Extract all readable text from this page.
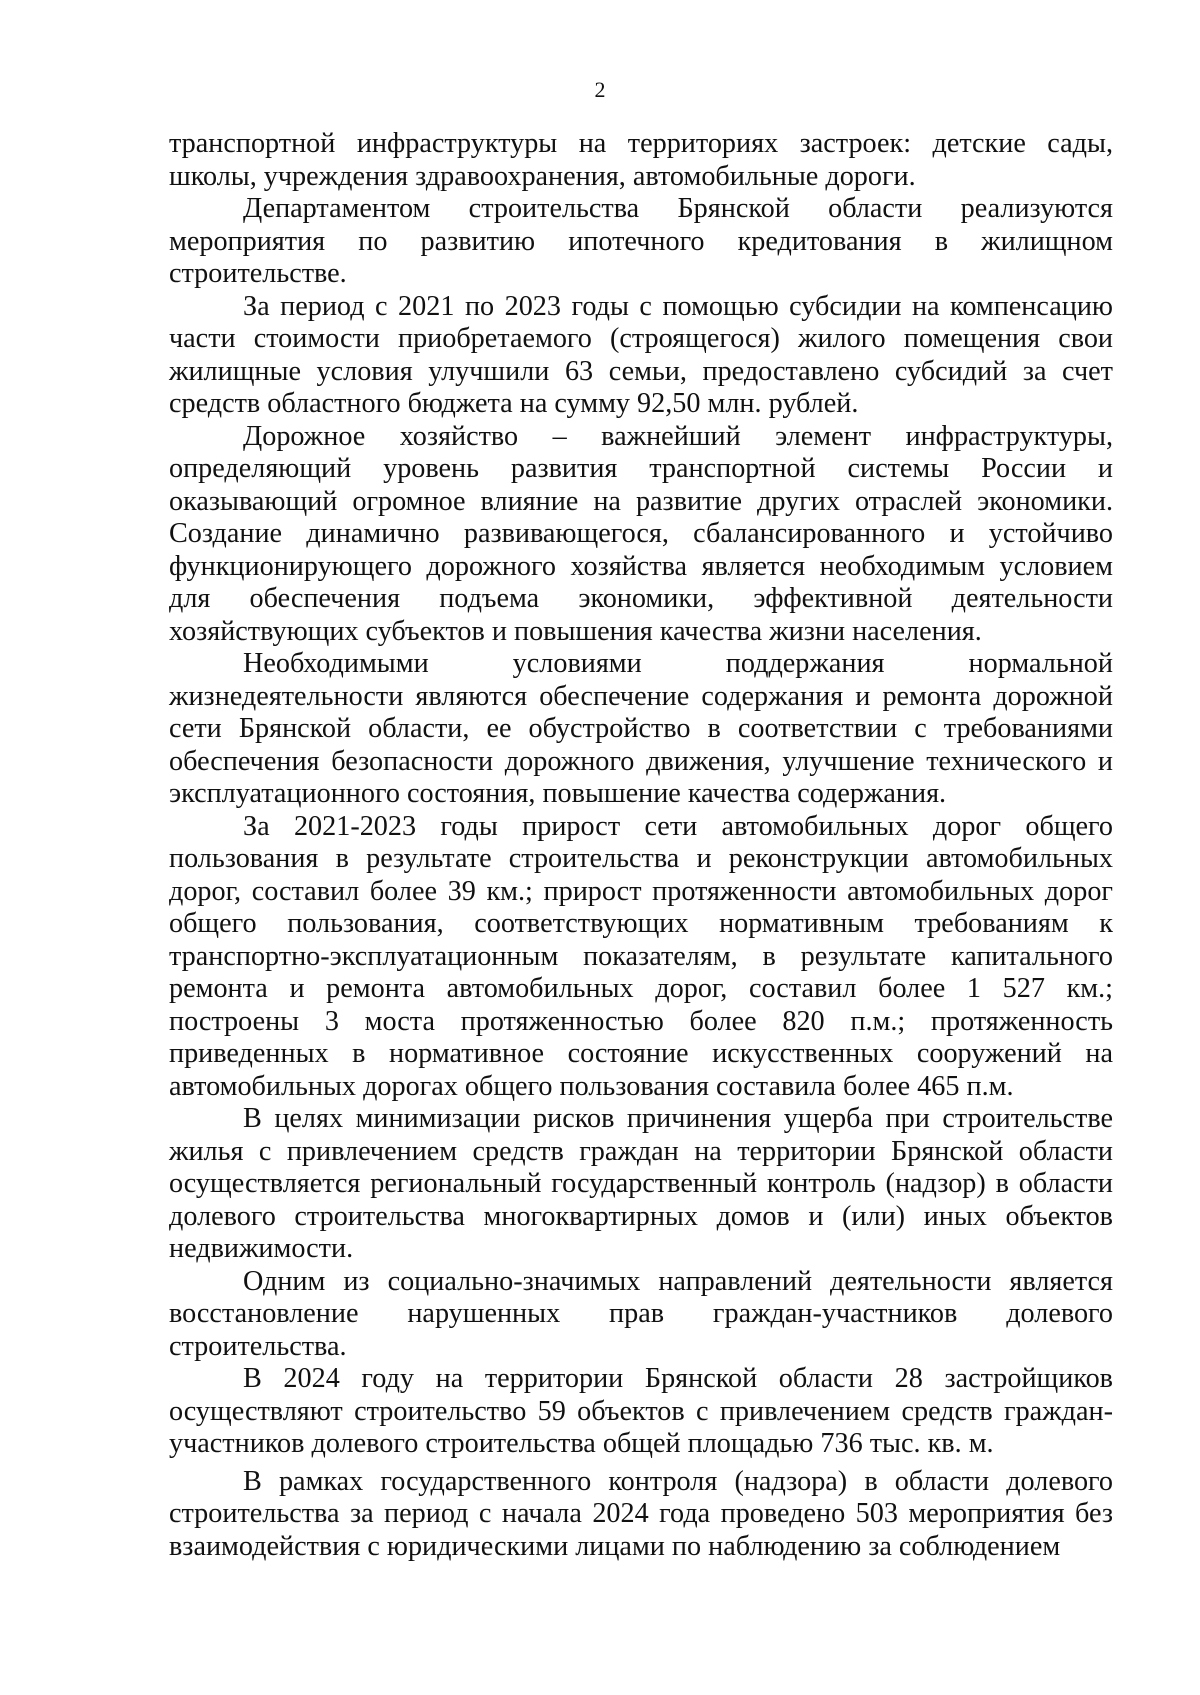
2

транспортной инфраструктуры на территориях застроек: детские сады, школы, учреждения здравоохранения, автомобильные дороги.

Департаментом строительства Брянской области реализуются мероприятия по развитию ипотечного кредитования в жилищном строительстве.

За период с 2021 по 2023 годы с помощью субсидии на компенсацию части стоимости приобретаемого (строящегося) жилого помещения свои жилищные условия улучшили 63 семьи, предоставлено субсидий за счет средств областного бюджета на сумму 92,50 млн. рублей.

Дорожное хозяйство – важнейший элемент инфраструктуры, определяющий уровень развития транспортной системы России и оказывающий огромное влияние на развитие других отраслей экономики. Создание динамично развивающегося, сбалансированного и устойчиво функционирующего дорожного хозяйства является необходимым условием для обеспечения подъема экономики, эффективной деятельности хозяйствующих субъектов и повышения качества жизни населения.

Необходимыми условиями поддержания нормальной жизнедеятельности являются обеспечение содержания и ремонта дорожной сети Брянской области, ее обустройство в соответствии с требованиями обеспечения безопасности дорожного движения, улучшение технического и эксплуатационного состояния, повышение качества содержания.

За 2021-2023 годы прирост сети автомобильных дорог общего пользования в результате строительства и реконструкции автомобильных дорог, составил более 39 км.; прирост протяженности автомобильных дорог общего пользования, соответствующих нормативным требованиям к транспортно-эксплуатационным показателям, в результате капитального ремонта и ремонта автомобильных дорог, составил более 1 527 км.; построены 3 моста протяженностью более 820 п.м.; протяженность приведенных в нормативное состояние искусственных сооружений на автомобильных дорогах общего пользования составила более 465 п.м.

В целях минимизации рисков причинения ущерба при строительстве жилья с привлечением средств граждан на территории Брянской области осуществляется региональный государственный контроль (надзор) в области долевого строительства многоквартирных домов и (или) иных объектов недвижимости.

Одним из социально-значимых направлений деятельности является восстановление нарушенных прав граждан-участников долевого строительства.

В 2024 году на территории Брянской области 28 застройщиков осуществляют строительство 59 объектов с привлечением средств граждан-участников долевого строительства общей площадью 736 тыс. кв. м.

В рамках государственного контроля (надзора) в области долевого строительства за период с начала 2024 года проведено 503 мероприятия без взаимодействия с юридическими лицами по наблюдению за соблюдением
